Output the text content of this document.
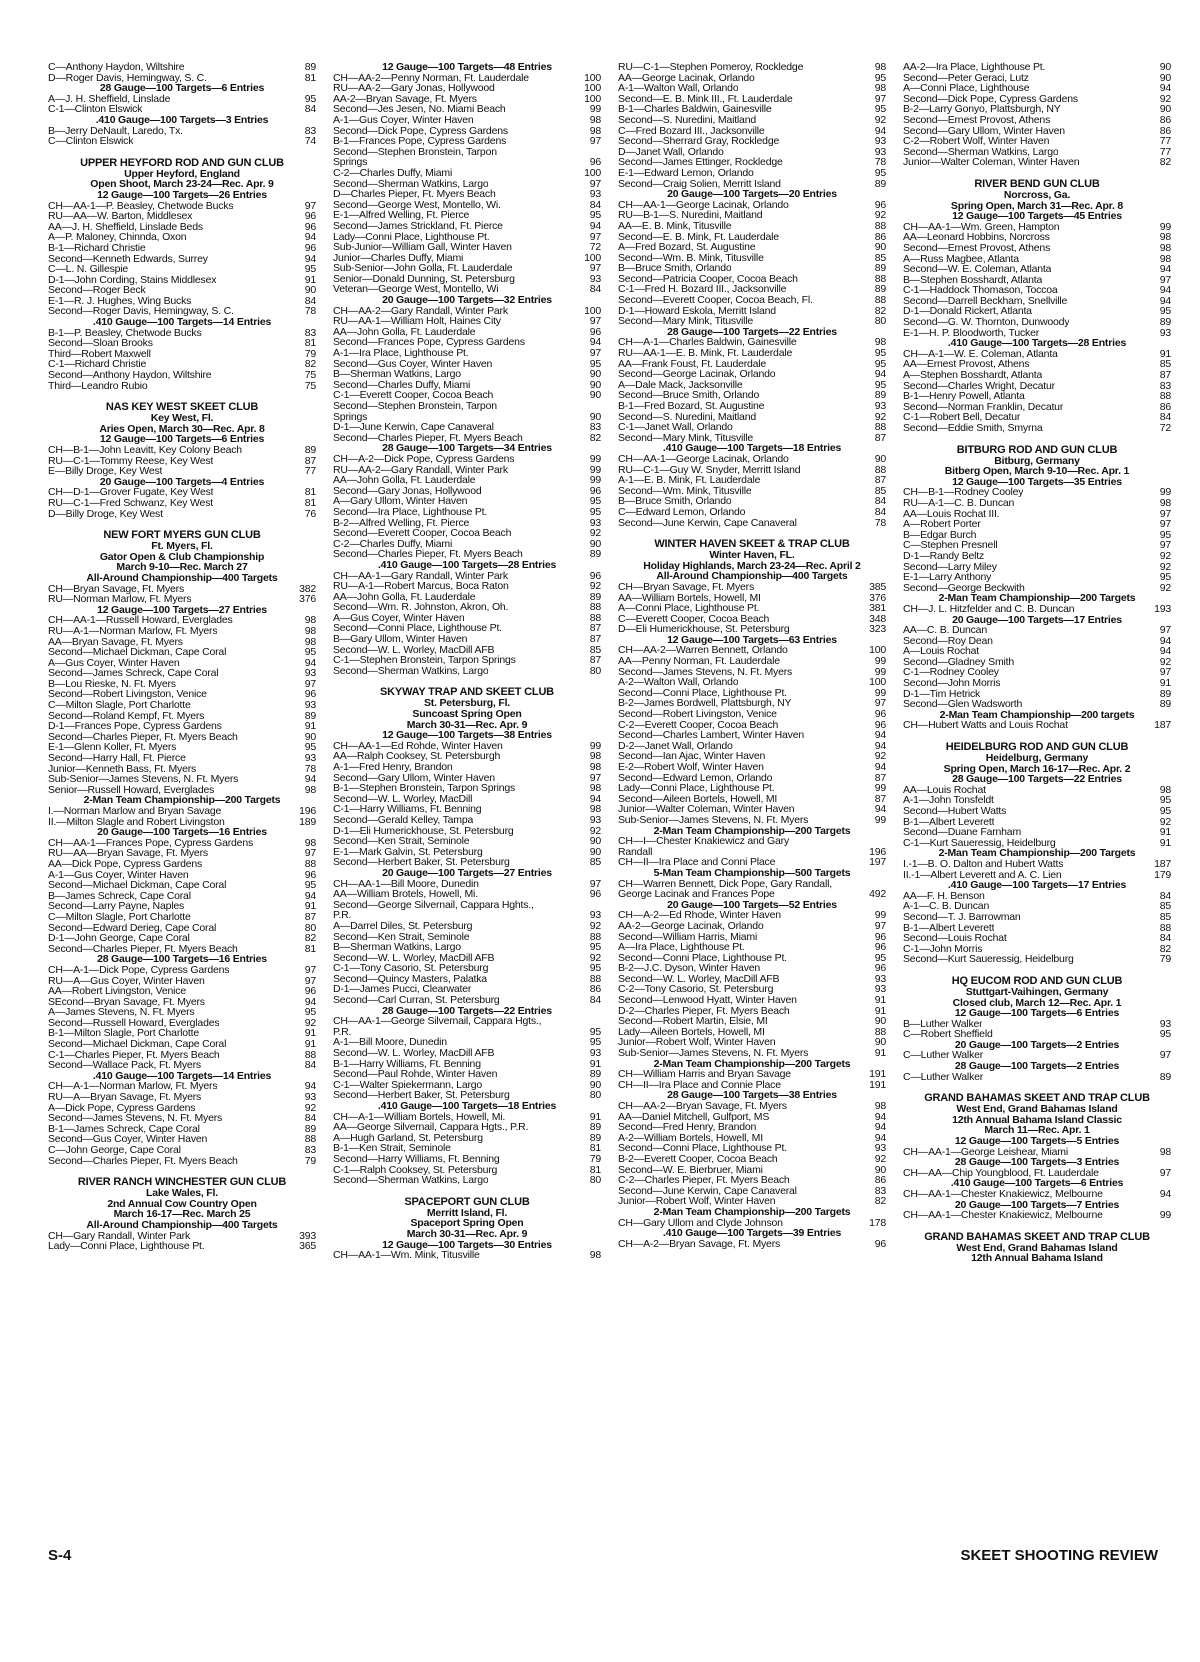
C—Anthony Haydon, Wiltshire	89
D—Roger Davis, Hemingway, S. C.	81
28 Gauge—100 Targets—6 Entries
A—J. H. Sheffield, Linslade	95
C-1—Clinton Elswick	84
.410 Gauge—100 Targets—3 Entries
B—Jerry DeNault, Laredo, Tx.	83
C—Clinton Elswick	74
UPPER HEYFORD ROD AND GUN CLUB
Upper Heyford, England
Open Shoot, March 23-24—Rec. Apr. 9
12 Gauge—100 Targets—26 Entries
CH—AA-1—P. Beasley, Chetwode Bucks	97
RU—AA—W. Barton, Middlesex	96
AA—J. H. Sheffield, Linslade Beds	96
A—P. Maloney, Chinnda, Oxon	94
B-1—Richard Christie	96
Second—Kenneth Edwards, Surrey	94
C—L. N. Gillespie	95
D-1—John Cording, Stains Middlesex	91
Second—Roger Beck	90
E-1—R. J. Hughes, Wing Bucks	84
Second—Roger Davis, Hemingway, S. C.	78
.410 Gauge—100 Targets—14 Entries
B-1—P. Beasley, Chetwode Bucks	83
Second—Sloan Brooks	81
Third—Robert Maxwell	79
C-1—Richard Christie	82
Second—Anthony Haydon, Wiltshire	75
Third—Leandro Rubio	75
NAS KEY WEST SKEET CLUB
Key West, Fl.
Aries Open, March 30—Rec. Apr. 8
12 Gauge—100 Targets—6 Entries
CH—B-1—John Leavitt, Key Colony Beach	89
RU—C-1—Tommy Reese, Key West	87
E—Billy Droge, Key West	77
20 Gauge—100 Targets—4 Entries
CH—D-1—Grover Fugate, Key West	81
RU—C-1—Fred Schwanz, Key West	81
D—Billy Droge, Key West	76
NEW FORT MYERS GUN CLUB
Ft. Myers, Fl.
Gator Open & Club Championship
March 9-10—Rec. March 27
All-Around Championship—400 Targets
CH—Bryan Savage, Ft. Myers	382
RU—Norman Marlow, Ft. Myers	376
12 Gauge—100 Targets—27 Entries
CH—AA-1—Russell Howard, Everglades	98
RU—A-1—Norman Marlow, Ft. Myers	98
AA—Bryan Savage, Ft. Myers	98
Second—Michael Dickman, Cape Coral	95
A—Gus Coyer, Winter Haven	94
Second—James Schreck, Cape Coral	93
B—Lou Rieske, N. Ft. Myers	97
Second—Robert Livingston, Venice	96
C—Milton Slagle, Port Charlotte	93
Second—Roland Kempf, Ft. Myers	89
D-1—Frances Pope, Cypress Gardens	91
Second—Charles Pieper, Ft. Myers Beach	90
E-1—Glenn Koller, Ft. Myers	95
Second—Harry Hall, Ft. Pierce	93
Junior—Kenneth Bass, Ft. Myers	78
Sub-Senior—James Stevens, N. Ft. Myers	94
Senior—Russell Howard, Everglades	98
2-Man Team Championship—200 Targets
I.—Norman Marlow and Bryan Savage	196
II.—Milton Slagle and Robert Livingston	189
20 Gauge—100 Targets—16 Entries
CH—AA-1—Frances Pope, Cypress Gardens	98
RU—AA—Bryan Savage, Ft. Myers	97
AA—Dick Pope, Cypress Gardens	88
A-1—Gus Coyer, Winter Haven	96
Second—Michael Dickman, Cape Coral	95
B—James Schreck, Cape Coral	94
Second—Larry Payne, Naples	91
C—Milton Slagle, Port Charlotte	87
Second—Edward Derieg, Cape Coral	80
D-1—John George, Cape Coral	82
Second—Charles Pieper, Ft. Myers Beach	81
28 Gauge—100 Targets—16 Entries
CH—A-1—Dick Pope, Cypress Gardens	97
RU—A—Gus Coyer, Winter Haven	97
AA—Robert Livingston, Venice	96
SEcond—Bryan Savage, Ft. Myers	94
A—James Stevens, N. Ft. Myers	95
Second—Russell Howard, Everglades	92
B-1—Milton Slagle, Port Charlotte	91
Second—Michael Dickman, Cape Coral	91
C-1—Charles Pieper, Ft. Myers Beach	88
Second—Wallace Pack, Ft. Myers	84
.410 Gauge—100 Targets—14 Entries
CH—A-1—Norman Marlow, Ft. Myers	94
RU—A—Bryan Savage, Ft. Myers	93
A—Dick Pope, Cypress Gardens	92
Second—James Stevens, N. Ft. Myers	84
B-1—James Schreck, Cape Coral	89
Second—Gus Coyer, Winter Haven	88
C—John George, Cape Coral	83
Second—Charles Pieper, Ft. Myers Beach	79
RIVER RANCH WINCHESTER GUN CLUB
Lake Wales, Fl.
2nd Annual Cow Country Open
March 16-17—Rec. March 25
All-Around Championship—400 Targets
CH—Gary Randall, Winter Park	393
Lady—Conni Place, Lighthouse Pt.	365
12 Gauge—100 Targets—48 Entries
CH—AA-2—Penny Norman, Ft. Lauderdale	100
RU—AA-2—Gary Jonas, Hollywood	100
AA-2—Bryan Savage, Ft. Myers	100
Second—Jes Jesen, No. Miami Beach	99
A-1—Gus Coyer, Winter Haven	98
Second—Dick Pope, Cypress Gardens	98
B-1—Frances Pope, Cypress Gardens	97
Second—Stephen Bronstein, Tarpon
Springs	96
C-2—Charles Duffy, Miami	100
Second—Sherman Watkins, Largo	97
D—Charles Pieper, Ft. Myers Beach	93
Second—George West, Montello, Wi.	84
E-1—Alfred Welling, Ft. Pierce	95
Second—James Strickland, Ft. Pierce	94
Lady—Conni Place, Lighthouse Pt.	97
Sub-Junior—William Gall, Winter Haven	72
Junior—Charles Duffy, Miami	100
Sub-Senior—John Golla, Ft. Lauderdale	97
Senior—Donald Dunning, St. Petersburg	93
Veteran—George West, Montello, Wi	84
20 Gauge—100 Targets—32 Entries
CH—AA-2—Gary Randall, Winter Park	100
RU—AA-1—William Holt, Haines City	97
AA—John Golla, Ft. Lauderdale	96
Second—Frances Pope, Cypress Gardens	94
A-1—Ira Place, Lighthouse Pt.	97
Second—Gus Coyer, Winter Haven	95
B—Sherman Watkins, Largo	90
Second—Charles Duffy, Miami	90
C-1—Everett Cooper, Cocoa Beach	90
Second—Stephen Bronstein, Tarpon
Springs	90
D-1—June Kerwin, Cape Canaveral	83
Second—Charles Pieper, Ft. Myers Beach	82
28 Gauge—100 Targets—34 Entries
CH—A-2—Dick Pope, Cypress Gardens	99
RU—AA-2—Gary Randall, Winter Park	99
AA—John Golla, Ft. Lauderdale	99
Second—Gary Jonas, Hollywood	96
A—Gary Ullom, Winter Haven	95
Second—Ira Place, Lighthouse Pt.	95
B-2—Alfred Welling, Ft. Pierce	93
Second—Everett Cooper, Cocoa Beach	92
C-2—Charles Duffy, Miami	90
Second—Charles Pieper, Ft. Myers Beach	89
.410 Gauge—100 Targets—28 Entries
CH—AA-1—Gary Randall, Winter Park	96
RU—A-1—Robert Marcus, Boca Raton	92
AA—John Golla, Ft. Lauderdale	89
Second—Wm. R. Johnston, Akron, Oh.	88
A—Gus Coyer, Winter Haven	88
Second—Conni Place, Lighthouse Pt.	87
B—Gary Ullom, Winter Haven	87
Second—W. L. Worley, MacDill AFB	85
C-1—Stephen Bronstein, Tarpon Springs	87
Second—Sherman Watkins, Largo	80
SKYWAY TRAP AND SKEET CLUB
St. Petersburg, Fl.
Suncoast Spring Open
March 30-31—Rec. Apr. 9
12 Gauge—100 Targets—38 Entries
CH—AA-1—Ed Rohde, Winter Haven	99
AA—Ralph Cooksey, St. Petersburgh	98
A-1—Fred Henry, Brandon	98
Second—Gary Ullom, Winter Haven	97
B-1—Stephen Bronstein, Tarpon Springs	98
Second—W. L. Worley, MacDill	94
C-1—Harry Williams, Ft. Benning	98
Second—Gerald Kelley, Tampa	93
D-1—Eli Humerickhouse, St. Petersburg	92
Second—Ken Strait, Seminole	90
E-1—Mark Galvin, St. Petersburg	90
Second—Herbert Baker, St. Petersburg	85
20 Gauge—100 Targets—27 Entries
CH—AA-1—Bill Moore, Dunedin	97
AA—William Brotels, Howell, Mi.	96
Second—George Silvernail, Cappara Hghts.,
P.R.	93
A—Darrel Diles, St. Petersburg	92
Second—Ken Strait, Seminole	88
B—Sherman Watkins, Largo	95
Second—W. L. Worley, MacDill AFB	92
C-1—Tony Casorio, St. Petersburg	95
Second—Quincy Masters, Palatka	88
D-1—James Pucci, Clearwater	86
Second—Carl Curran, St. Petersburg	84
28 Gauge—100 Targets—22 Entries
CH—AA-1—George Silvernail, Cappara Hgts.,
P.R.	95
A-1—Bill Moore, Dunedin	95
Second—W. L. Worley, MacDill AFB	93
B-1—Harry Williams, Ft. Benning	91
Second—Paul Rohde, Winter Haven	89
C-1—Walter Spiekermann, Largo	90
Second—Herbert Baker, St. Petersburg	80
.410 Gauge—100 Targets—18 Entries
CH—A-1—William Bortels, Howell, Mi.	91
AA—George Silvernail, Cappara Hgts., P.R.	89
A—Hugh Garland, St. Petersburg	89
B-1—Ken Strait, Seminole	81
Second—Harry Williams, Ft. Benning	79
C-1—Ralph Cooksey, St. Petersburg	81
Second—Sherman Watkins, Largo	80
SPACEPORT GUN CLUB
Merritt Island, Fl.
Spaceport Spring Open
March 30-31—Rec. Apr. 9
12 Gauge—100 Targets—30 Entries
CH—AA-1—Wm. Mink, Titusville	98
RU—C-1—Stephen Pomeroy, Rockledge	98
AA—George Lacinak, Orlando	95
A-1—Walton Wall, Orlando	98
Second—E. B. Mink III., Ft. Lauderdale	97
B-1—Charles Baldwin, Gainesville	95
Second—S. Nuredini, Maitland	92
C—Fred Bozard III., Jacksonville	94
Second—Sherrard Gray, Rockledge	93
D—Janet Wall, Orlando	93
Second—James Ettinger, Rockledge	78
E-1—Edward Lemon, Orlando	95
Second—Craig Solien, Merritt Island	89
20 Gauge—100 Targets—20 Entries
CH—AA-1—George Lacinak, Orlando	96
RU—B-1—S. Nuredini, Maitland	92
AA—E. B. Mink, Titusville	88
Second—E. B. Mink, Ft. Lauderdale	86
A—Fred Bozard, St. Augustine	90
Second—Wm. B. Mink, Titusville	85
B—Bruce Smith, Orlando	89
Second—Patricia Cooper, Cocoa Beach	88
C-1—Fred H. Bozard III., Jacksonville	89
Second—Everett Cooper, Cocoa Beach, Fl.	88
D-1—Howard Eskola, Merritt Island	82
Second—Mary Mink, Titusville	80
28 Gauge—100 Targets—22 Entries
CH—A-1—Charles Baldwin, Gainesville	98
RU—AA-1—E. B. Mink, Ft. Lauderdale	95
AA—Frank Foust, Ft. Lauderdale	95
Second—George Lacinak, Orlando	94
A—Dale Mack, Jacksonville	95
Second—Bruce Smith, Orlando	89
B-1—Fred Bozard, St. Augustine	93
Second—S. Nuredini, Maitland	92
C-1—Janet Wall, Orlando	88
Second—Mary Mink, Titusville	87
.410 Gauge—100 Targets—18 Entries
CH—AA-1—George Lacinak, Orlando	90
RU—C-1—Guy W. Snyder, Merritt Island	88
A-1—E. B. Mink, Ft. Lauderdale	87
Second—Wm. Mink, Titusville	85
B—Bruce Smith, Orlando	84
C—Edward Lemon, Orlando	84
Second—June Kerwin, Cape Canaveral	78
WINTER HAVEN SKEET & TRAP CLUB
Winter Haven, FL.
Holiday Highlands, March 23-24—Rec. April 2
All-Around Championship—400 Targets
CH—Bryan Savage, Ft. Myers	385
AA—William Bortels, Howell, MI	376
A—Conni Place, Lighthouse Pt.	381
C—Everett Cooper, Cocoa Beach	348
D—Eli Humerickhouse, St. Petersburg	323
12 Gauge—100 Targets—63 Entries
CH—AA-2—Warren Bennett, Orlando	100
AA—Penny Norman, Ft. Lauderdale	99
Second—James Stevens, N. Ft. Myers	99
A-2—Walton Wall, Orlando	100
Second—Conni Place, Lighthouse Pt.	99
B-2—James Bordwell, Plattsburgh, NY	97
Second—Robert Livingston, Venice	96
C-2—Everett Cooper, Cocoa Beach	96
Second—Charles Lambert, Winter Haven	94
D-2—Janet Wall, Orlando	94
Second—Ian Ajac, Winter Haven	92
E-2—Robert Wolf, Winter Haven	94
Second—Edward Lemon, Orlando	87
Lady—Conni Place, Lighthouse Pt.	99
Second—Aileen Bortels, Howell, MI	87
Junior—Walter Coleman, Winter Haven	94
Sub-Senior—James Stevens, N. Ft. Myers	99
2-Man Team Championship—200 Targets
CH—I—Chester Knakiewicz and Gary
Randall	196
CH—II—Ira Place and Conni Place	197
5-Man Team Championship—500 Targets
CH—Warren Bennett, Dick Pope, Gary Randall,
George Lacinak and Frances Pope	492
20 Gauge—100 Targets—52 Entries
CH—A-2—Ed Rhode, Winter Haven	99
AA-2—George Lacinak, Orlando	97
Second—William Harris, Miami	96
A—Ira Place, Lighthouse Pt.	96
Second—Conni Place, Lighthouse Pt.	95
B-2—J.C. Dyson, Winter Haven	96
Second—W. L. Worley, MacDill AFB	93
C-2—Tony Casorio, St. Petersburg	93
Second—Lenwood Hyatt, Winter Haven	91
D-2—Charles Pieper, Ft. Myers Beach	91
Second—Robert Martin, Elsie, MI	90
Lady—Aileen Bortels, Howell, MI	88
Junior—Robert Wolf, Winter Haven	90
Sub-Senior—James Stevens, N. Ft. Myers	91
2-Man Team Championship—200 Targets
CH—William Harris and Bryan Savage	191
CH—II—Ira Place and Connie Place	191
28 Gauge—100 Targets—38 Entries
CH—AA-2—Bryan Savage, Ft. Myers	98
AA—Daniel Mitchell, Gulfport, MS	94
Second—Fred Henry, Brandon	94
A-2—William Bortels, Howell, MI	94
Second—Conni Place, Lighthouse Pt.	93
B-2—Everett Cooper, Cocoa Beach	92
Second—W. E. Bierbruer, Miami	90
C-2—Charles Pieper, Ft. Myers Beach	86
Second—June Kerwin, Cape Canaveral	83
Junior—Robert Wolf, Winter Haven	82
2-Man Team Championship—200 Targets
CH—Gary Ullom and Clyde Johnson	178
.410 Gauge—100 Targets—39 Entries
CH—A-2—Bryan Savage, Ft. Myers	96
AA-2—Ira Place, Lighthouse Pt.	90
Second—Peter Geraci, Lutz	90
A—Conni Place, Lighthouse	94
Second—Dick Pope, Cypress Gardens	92
B-2—Larry Gonyo, Plattsburgh, NY	90
Second—Ernest Provost, Athens	86
Second—Gary Ullom, Winter Haven	86
C-2—Robert Wolf, Winter Haven	77
Second—Sherman Watkins, Largo	77
Junior—Walter Coleman, Winter Haven	82
RIVER BEND GUN CLUB
Norcross, Ga.
Spring Open, March 31—Rec. Apr. 8
12 Gauge—100 Targets—45 Entries
CH—AA-1—Wm. Green, Hampton	99
AA—Leonard Hobbins, Norcross	98
Second—Ernest Provost, Athens	98
A—Russ Magbee, Atlanta	98
Second—W. E. Coleman, Atlanta	94
B—Stephen Bosshardt, Atlanta	97
C-1—Haddock Thomason, Toccoa	94
Second—Darrell Beckham, Snellville	94
D-1—Donald Rickert, Atlanta	95
Second—G. W. Thornton, Dunwoody	89
E-1—H. P. Bloodworth, Tucker	93
.410 Gauge—100 Targets—28 Entries
CH—A-1—W. E. Coleman, Atlanta	91
AA—Ernest Provost, Athens	85
A—Stephen Bosshardt, Atlanta	87
Second—Charles Wright, Decatur	83
B-1—Henry Powell, Atlanta	88
Second—Norman Franklin, Decatur	86
C-1—Robert Bell, Decatur	84
Second—Eddie Smith, Smyrna	72
BITBURG ROD AND GUN CLUB
Bitburg, Germany
Bitberg Open, March 9-10—Rec. Apr. 1
12 Gauge—100 Targets—35 Entries
CH—B-1—Rodney Cooley	99
RU—A-1—C. B. Duncan	98
AA—Louis Rochat III.	97
A—Robert Porter	97
B—Edgar Burch	95
C—Stephen Presnell	97
D-1—Randy Beltz	92
Second—Larry Miley	92
E-1—Larry Anthony	95
Second—George Beckwith	92
2-Man Team Championship—200 Targets
CH—J. L. Hitzfelder and C. B. Duncan	193
20 Gauge—100 Targets—17 Entries
AA—C. B. Duncan	97
Second—Roy Dean	94
A—Louis Rochat	94
Second—Gladney Smith	92
C-1—Rodney Cooley	97
Second—John Morris	91
D-1—Tim Hetrick	89
Second—Glen Wadsworth	89
2-Man Team Championship—200 targets
CH—Hubert Watts and Louis Rochat	187
HEIDELBURG ROD AND GUN CLUB
Heidelburg, Germany
Spring Open, March 16-17—Rec. Apr. 2
28 Gauge—100 Targets—22 Entries
AA—Louis Rochat	98
A-1—John Tonsfeldt	95
Second—Hubert Watts	95
B-1—Albert Leverett	92
Second—Duane Farnham	91
C-1—Kurt Saueressig, Heidelburg	91
2-Man Team Championship—200 Targets
I.-1—B. O. Dalton and Hubert Watts	187
II.-1—Albert Leverett and A. C. Lien	179
.410 Gauge—100 Targets—17 Entries
AA—F. H. Benson	84
A-1—C. B. Duncan	85
Second—T. J. Barrowman	85
B-1—Albert Leverett	88
Second—Louis Rochat	84
C-1—John Morris	82
Second—Kurt Saueressig, Heidelburg	79
HQ EUCOM ROD AND GUN CLUB
Stuttgart-Vaihingen, Germany
Closed club, March 12—Rec. Apr. 1
12 Gauge—100 Targets—6 Entries
B—Luther Walker	93
C—Robert Sheffield	95
20 Gauge—100 Targets—2 Entries
C—Luther Walker	97
28 Gauge—100 Targets—2 Entries
C—Luther Walker	89
GRAND BAHAMAS SKEET AND TRAP CLUB
West End, Grand Bahamas Island
12th Annual Bahama Island Classic
March 11—Rec. Apr. 1
12 Gauge—100 Targets—5 Entries
CH—AA-1—George Leishear, Miami	98
28 Gauge—100 Targets—3 Entries
CH—AA—Chip Youngblood, Ft. Lauderdale	97
.410 Gauge—100 Targets—6 Entries
CH—AA-1—Chester Knakiewicz, Melbourne	94
20 Gauge—100 Targets—7 Entries
CH—AA-1—Chester Knakiewicz, Melbourne	99
GRAND BAHAMAS SKEET AND TRAP CLUB
West End, Grand Bahamas Island
12th Annual Bahama Island
S-4	SKEET SHOOTING REVIEW
